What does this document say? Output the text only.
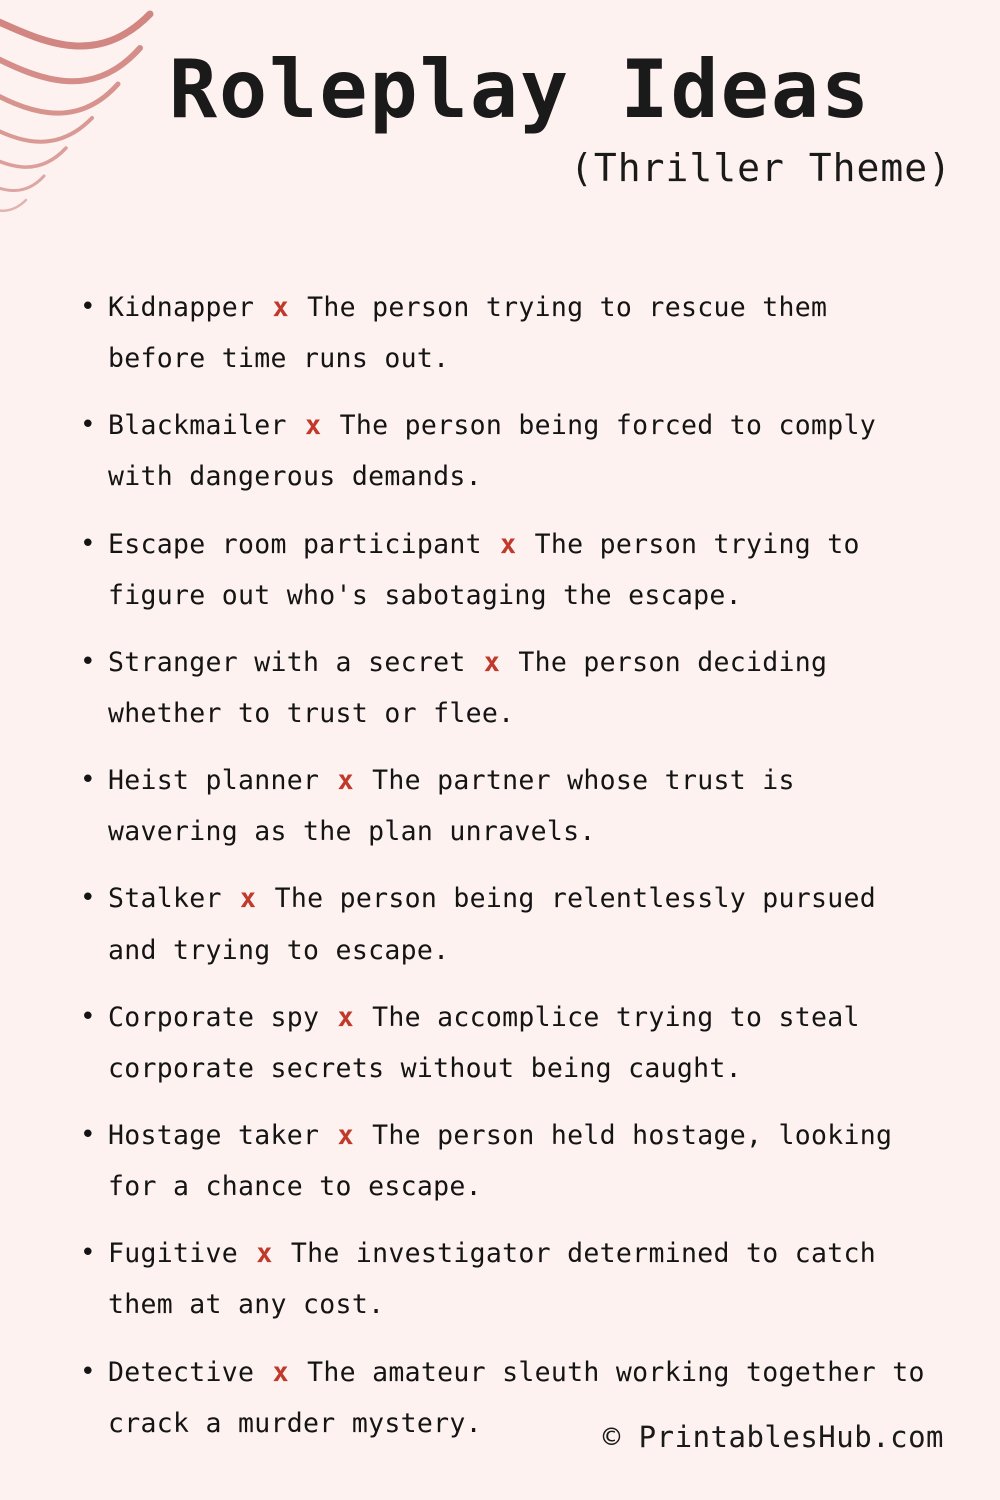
Roleplay Ideas
(Thriller Theme)
• Kidnapper x The person trying to rescue them before time runs out.
• Blackmailer x The person being forced to comply with dangerous demands.
• Escape room participant x The person trying to figure out who's sabotaging the escape.
• Stranger with a secret x The person deciding whether to trust or flee.
• Heist planner x The partner whose trust is wavering as the plan unravels.
• Stalker x The person being relentlessly pursued and trying to escape.
• Corporate spy x The accomplice trying to steal corporate secrets without being caught.
• Hostage taker x The person held hostage, looking for a chance to escape.
• Fugitive x The investigator determined to catch them at any cost.
• Detective x The amateur sleuth working together to crack a murder mystery.	© PrintablesHub.com
